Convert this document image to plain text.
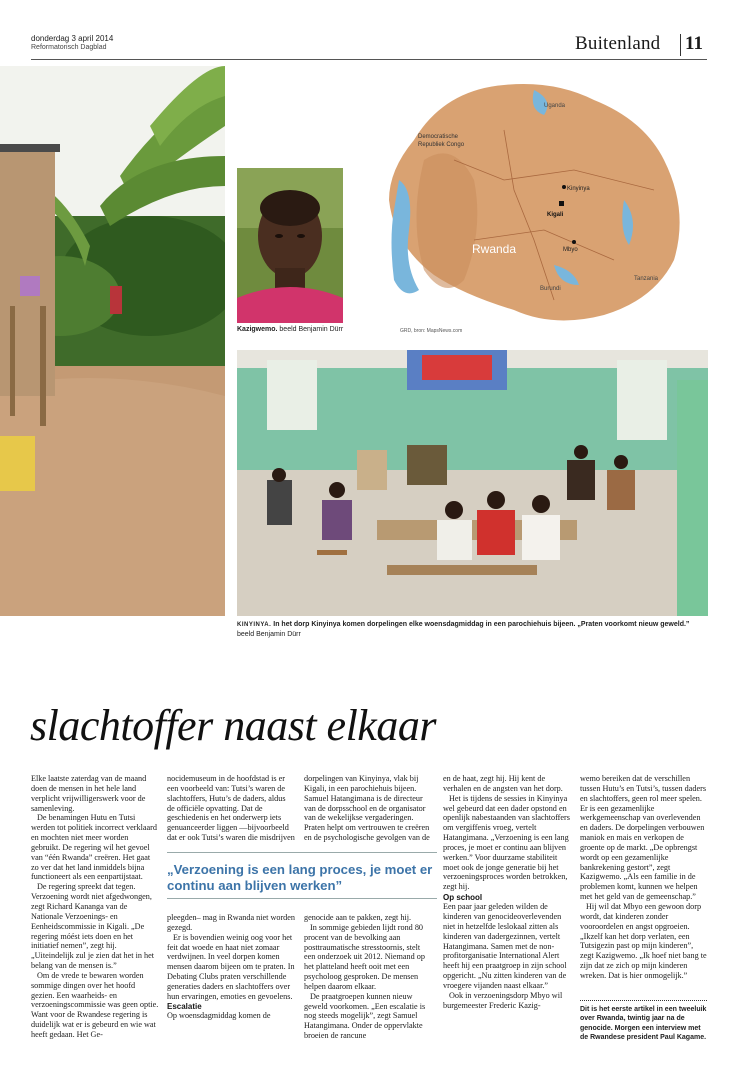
donderdag 3 april 2014
Reformatorisch Dagblad	Buitenland 11
Kazigwemo. beeld Benjamin Dürr
Uganda
Democratische
Republiek Congo
Kinyinya
Kigali
Mbyo
Rwanda
Tanzania
Burundi
GRD, bron: MapsNews.com
KINYINYA. In het dorp Kinyinya komen dorpelingen elke woensdagmiddag in een parochiehuis bijeen. „Praten voorkomt nieuw geweld.” beeld Benjamin Dürr
slachtoffer naast elkaar

Elke laatste zaterdag van de maand doen de mensen in het hele land verplicht vrijwilligerswerk voor de samenleving.

De benamingen Hutu en Tutsi werden tot politiek incorrect verklaard en mochten niet meer worden gebruikt. De regering wil het gevoel van “één Rwanda” creëren. Het gaat zo ver dat het land inmiddels bijna functioneert als een eenpartijstaat.

De regering spreekt dat tegen. Verzoening wordt niet afgedwongen, zegt Richard Kananga van de Nationale Verzoenings- en Eenheidscommissie in Kigali. „De regering móést iets doen en het initiatief nemen”, zegt hij. „Uiteindelijk zul je zien dat het in het belang van de mensen is.”

Om de vrede te bewaren worden sommige dingen over het hoofd gezien. Een waarheids- en verzoeningscommissie was geen optie. Want voor de Rwandese regering is duidelijk wat er is gebeurd en wie wat heeft gedaan. Het Ge-

nocidemuseum in de hoofdstad is er een voorbeeld van: Tutsi’s waren de slachtoffers, Hutu’s de daders, aldus de officiële opvatting. Dat de geschiedenis en het onderwerp iets genuanceerder liggen —bijvoorbeeld dat er ook Tutsi’s waren die misdrijven

dorpelingen van Kinyinya, vlak bij Kigali, in een parochiehuis bijeen. Samuel Hatangimana is de directeur van de dorpsschool en de organisator van de wekelijkse vergaderingen. Praten helpt om vertrouwen te creëren en de psychologische gevolgen van de

„Verzoening is een lang proces, je moet er continu aan blijven werken”

pleegden– mag in Rwanda niet worden gezegd.

Er is bovendien weinig oog voor het feit dat woede en haat niet zomaar verdwijnen. In veel dorpen komen mensen daarom bijeen om te praten. In Debating Clubs praten verschillende generaties daders en slachtoffers over hun ervaringen, emoties en gevoelens.

Escalatie

Op woensdagmiddag komen de

genocide aan te pakken, zegt hij.

In sommige gebieden lijdt rond 80 procent van de bevolking aan posttraumatische stresstoornis, stelt een onderzoek uit 2012. Niemand op het platteland heeft ooit met een psycholoog gesproken. De mensen helpen daarom elkaar.

De praatgroepen kunnen nieuw geweld voorkomen. „Een escalatie is nog steeds mogelijk”, zegt Samuel Hatangimana. Onder de oppervlakte broeien de rancune

en de haat, zegt hij. Hij kent de verhalen en de angsten van het dorp.

Het is tijdens de sessies in Kinyinya wel gebeurd dat een dader opstond en openlijk nabestaanden van slachtoffers om vergiffenis vroeg, vertelt Hatangimana. „Verzoening is een lang proces, je moet er continu aan blijven werken.” Voor duurzame stabiliteit moet ook de jonge generatie bij het verzoeningsproces worden betrokken, zegt hij.

Op school

Een paar jaar geleden wilden de kinderen van genocideoverlevenden niet in hetzelfde leslokaal zitten als kinderen van dadergezinnen, vertelt Hatangimana. Samen met de non-profitorganisatie International Alert heeft hij een praatgroep in zijn school opgericht. „Nu zitten kinderen van de vroegere vijanden naast elkaar.”

Ook in verzoeningsdorp Mbyo wil burgemeester Frederic Kazig-

wemo bereiken dat de verschillen tussen Hutu’s en Tutsi’s, tussen daders en slachtoffers, geen rol meer spelen. Er is een gezamenlijke werkgemeenschap van overlevenden en daders. De dorpelingen verbouwen maniok en mais en verkopen de groente op de markt. „De opbrengst wordt op een gezamenlijke bankrekening gestort”, zegt Kazigwemo. „Als een familie in de problemen komt, kunnen we helpen met het geld van de gemeenschap.”

Hij wil dat Mbyo een gewoon dorp wordt, dat kinderen zonder vooroordelen en angst opgroeien. „Ikzelf kan het dorp verlaten, een Tutsigezin past op mijn kinderen”, zegt Kazigwemo. „Ik hoef niet bang te zijn dat ze zich op mijn kinderen wreken. Dat is hier onmogelijk.”

Dit is het eerste artikel in een tweeluik over Rwanda, twintig jaar na de genocide. Morgen een interview met de Rwandese president Paul Kagame.
